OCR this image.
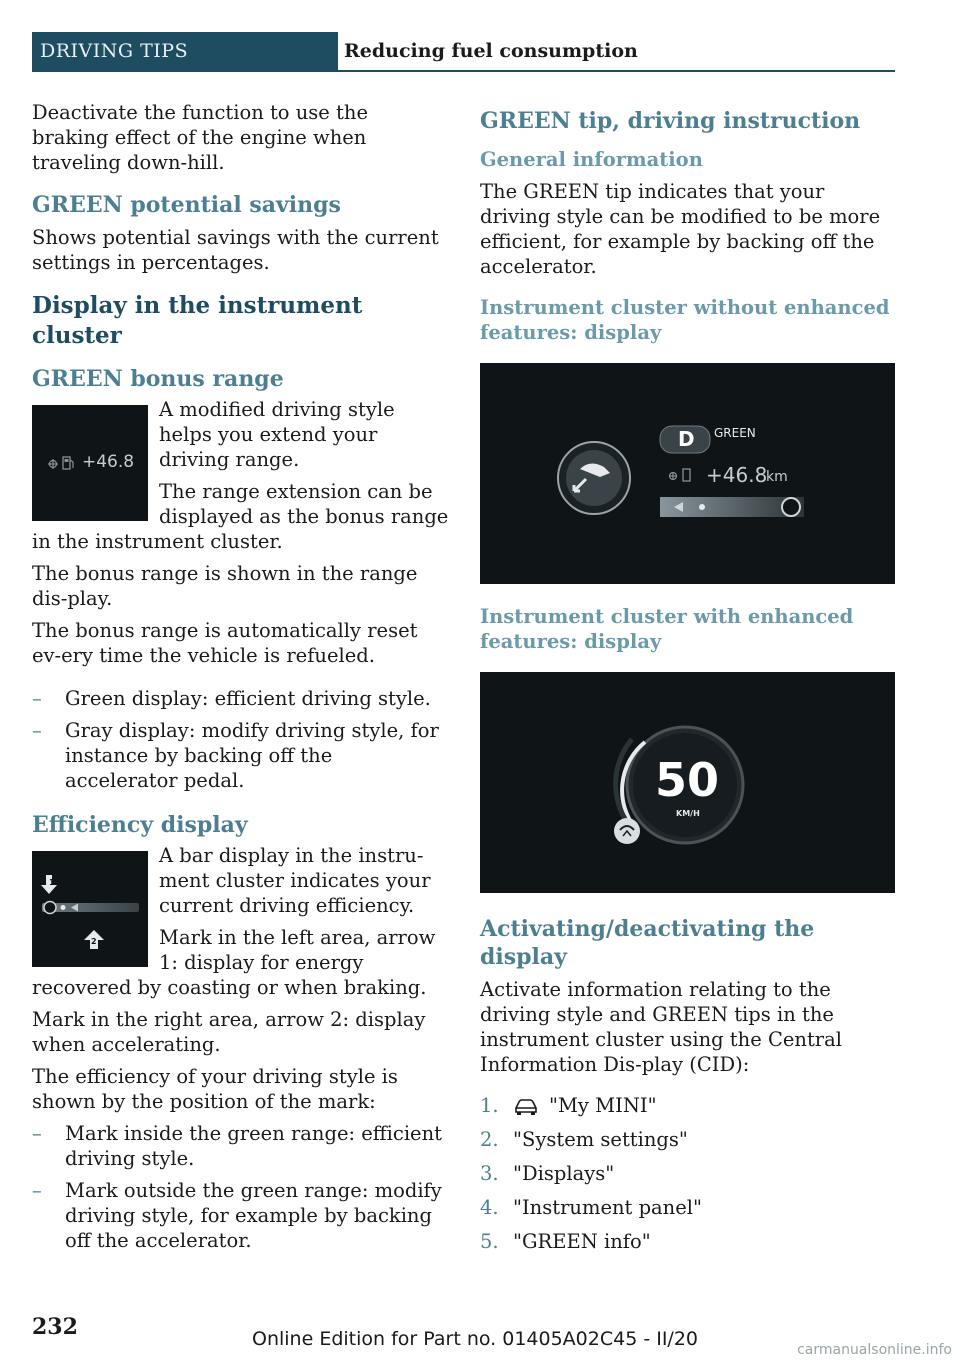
DRIVING TIPS	Reducing fuel consumption

Deactivate the function to use the braking effect of the engine when traveling down‐hill.

GREEN potential savings

Shows potential savings with the current settings in percentages.

Display in the instrument cluster
GREEN bonus range
+46.8

A modified driving style helps you extend your driving range.

The range extension can be displayed as the bonus range in the instrument cluster.

The bonus range is shown in the range dis‐play.

The bonus range is automatically reset ev‐ery time the vehicle is refueled.

– Green display: efficient driving style.
– Gray display: modify driving style, for instance by backing off the accelerator pedal.
Efficiency display
1
2

A bar display in the instru‐ment cluster indicates your current driving efficiency.

Mark in the left area, arrow 1: display for energy recovered by coasting or when braking.

Mark in the right area, arrow 2: display when accelerating.

The efficiency of your driving style is shown by the position of the mark:

– Mark inside the green range: efficient driving style.
– Mark outside the green range: modify driving style, for example by backing off the accelerator.
GREEN tip, driving instruction
General information

The GREEN tip indicates that your driving style can be modified to be more efficient, for example by backing off the accelerator.

Instrument cluster without enhanced features: display
D GREEN
+46.8
km
Instrument cluster with enhanced features: display
50
KM/H
Activating/deactivating the display

Activate information relating to the driving style and GREEN tips in the instrument cluster using the Central Information Dis‐play (CID):

1.	"My MINI"
2. "System settings"
3. "Displays"
4. "Instrument panel"
5. "GREEN info"
232	Online Edition for Part no. 01405A02C45 - II/20	carmanualsonline.info
